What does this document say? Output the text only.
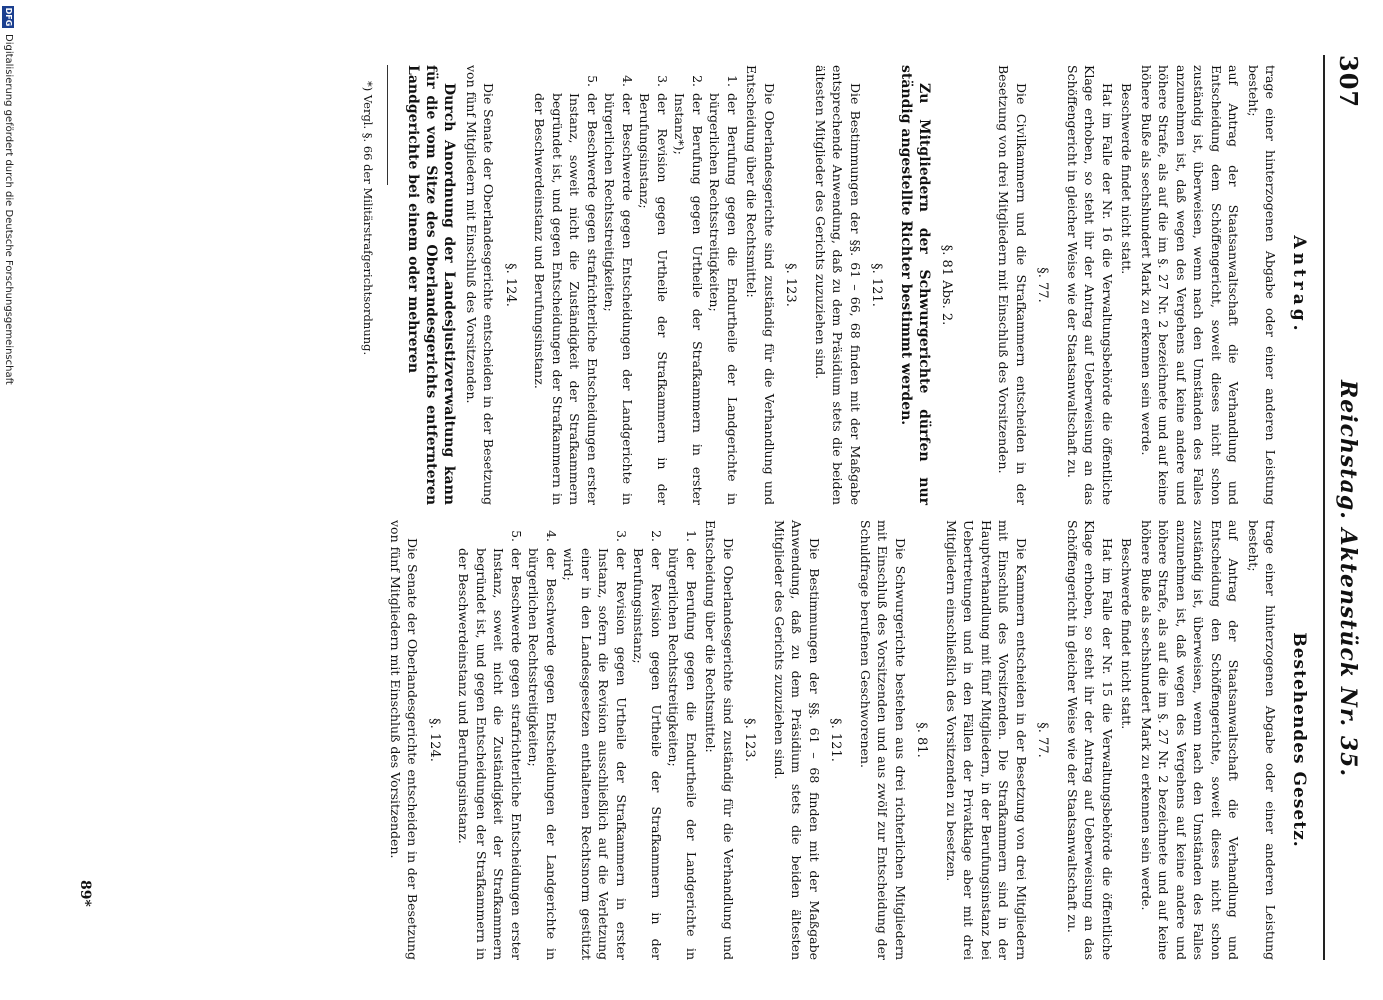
307
Reichstag. Aktenstück Nr. 35.
Antrag.

trage einer hinterzogenen Abgabe oder einer anderen Leistung besteht;

auf Antrag der Staatsanwaltschaft die Verhandlung und Entscheidung dem Schöffengericht, soweit dieses nicht schon zuständig ist, überweisen, wenn nach den Umständen des Falles anzunehmen ist, daß wegen des Vergehens auf keine andere und höhere Strafe, als auf die im §. 27 Nr. 2 bezeichnete und auf keine höhere Buße als sechshundert Mark zu erkennen sein werde.

Beschwerde findet nicht statt.

Hat im Falle der Nr. 16 die Verwaltungsbehörde die öffentliche Klage erhoben, so steht ihr der Antrag auf Ueberweisung an das Schöffengericht in gleicher Weise wie der Staatsanwaltschaft zu.

§. 77.

Die Civilkammern und die Strafkammern entscheiden in der Besetzung von drei Mitgliedern mit Einschluß des Vorsitzenden.

§. 81 Abs. 2.

Zu Mitgliedern der Schwurgerichte dürfen nur ständig angestellte Richter bestimmt werden.

§. 121.

Die Bestimmungen der §§. 61 – 66, 68 finden mit der Maßgabe entsprechende Anwendung, daß zu dem Präsidium stets die beiden ältesten Mitglieder des Gerichts zuzuziehen sind.

§. 123.

Die Oberlandesgerichte sind zuständig für die Verhandlung und Entscheidung über die Rechtsmittel:

1.
der Berufung gegen die Endurtheile der Landgerichte in bürgerlichen Rechtsstreitigkeiten;
2.
der Berufung gegen Urtheile der Strafkammern in erster Instanz*);
3.
der Revision gegen Urtheile der Strafkammern in der Berufungsinstanz;
4.
der Beschwerde gegen Entscheidungen der Landgerichte in bürgerlichen Rechtsstreitigkeiten;
5.
der Beschwerde gegen strafrichterliche Entscheidungen erster Instanz, soweit nicht die Zuständigkeit der Strafkammern begründet ist, und gegen Entscheidungen der Strafkammern in der Beschwerdeinstanz und Berufungsinstanz.
§. 124.

Die Senate der Oberlandesgerichte entscheiden in der Besetzung von fünf Mitgliedern mit Einschluß des Vorsitzenden.

Durch Anordnung der Landesjustizverwaltung kann für die vom Sitze des Oberlandesgerichts entfernteren Landgerichte bei einem oder mehreren

*) Vergl. §. 66 der Militärstrafgerichtsordnung.

Bestehendes Gesetz.

trage einer hinterzogenen Abgabe oder einer anderen Leistung besteht;

auf Antrag der Staatsanwaltschaft die Verhandlung und Entscheidung den Schöffengerichte, soweit dieses nicht schon zuständig ist, überweisen, wenn nach den Umständen des Falles anzunehmen ist, daß wegen des Vergehens auf keine andere und höhere Strafe, als auf die im §. 27 Nr. 2 bezeichnete und auf keine höhere Buße als sechshundert Mark zu erkennen sein werde.

Beschwerde findet nicht statt.

Hat im Falle der Nr. 15 die Verwaltungsbehörde die öffentliche Klage erhoben, so steht ihr der Antrag auf Ueberweisung an das Schöffengericht in gleicher Weise wie der Staatsanwaltschaft zu.

§. 77.

Die Kammern entscheiden in der Besetzung von drei Mitgliedern mit Einschluß des Vorsitzenden. Die Strafkammern sind in der Hauptverhandlung mit fünf Mitgliedern, in der Berufungsinstanz bei Uebertretungen und in den Fällen der Privatklage aber mit drei Mitgliedern einschließlich des Vorsitzenden zu besetzen.

§. 81.

Die Schwurgerichte bestehen aus drei richterlichen Mitgliedern mit Einschluß des Vorsitzenden und aus zwölf zur Entscheidung der Schuldfrage berufenen Geschworenen.

§. 121.

Die Bestimmungen der §§. 61 – 68 finden mit der Maßgabe Anwendung, daß zu dem Präsidium stets die beiden ältesten Mitglieder des Gerichts zuzuziehen sind.

§. 123.

Die Oberlandesgerichte sind zuständig für die Verhandlung und Entscheidung über die Rechtsmittel:

1.
der Berufung gegen die Endurtheile der Landgerichte in bürgerlichen Rechtsstreitigkeiten;
2.
der Revision gegen Urtheile der Strafkammern in der Berufungsinstanz;
3.
der Revision gegen Urtheile der Strafkammern in erster Instanz, sofern die Revision ausschließlich auf die Verletzung einer in den Landesgesetzen enthaltenen Rechtsnorm gestützt wird;
4.
der Beschwerde gegen Entscheidungen der Landgerichte in bürgerlichen Rechtsstreitigkeiten;
5.
der Beschwerde gegen strafrichterliche Entscheidungen erster Instanz, soweit nicht die Zuständigkeit der Strafkammern begründet ist, und gegen Entscheidungen der Strafkammern in der Beschwerdeinstanz und Berufungsinstanz.
§. 124.

Die Senate der Oberlandesgerichte entscheiden in der Besetzung von fünf Mitgliedern mit Einschluß des Vorsitzenden.

89*
DFG
Digitalisierung gefördert durch die Deutsche Forschungsgemeinschaft
